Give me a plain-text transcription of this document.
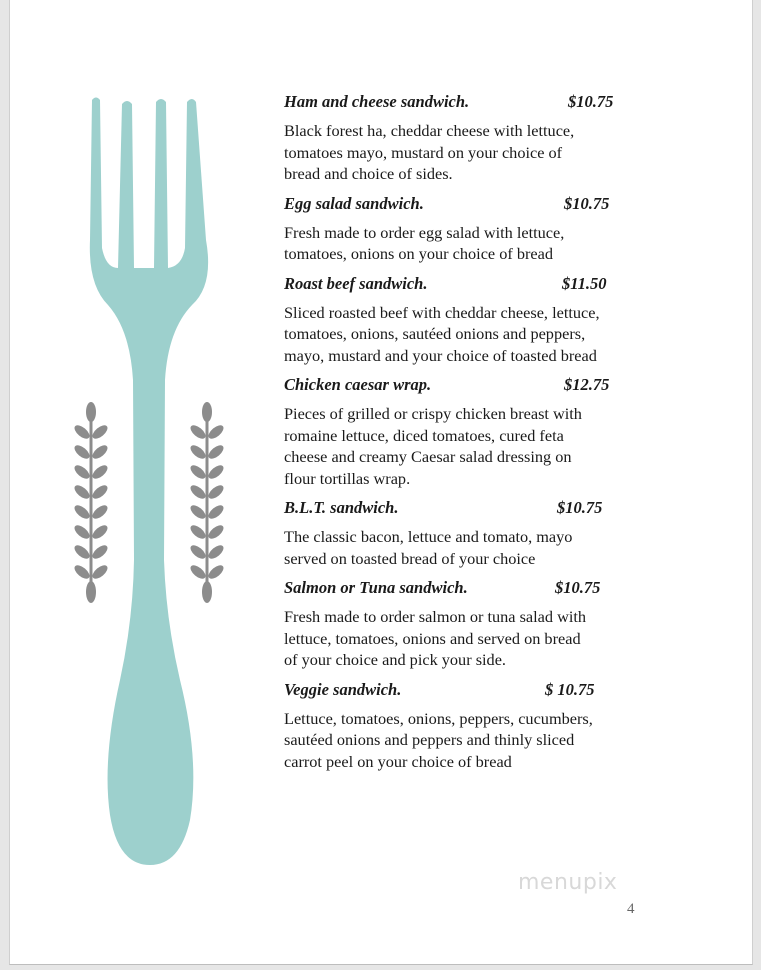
Ham and cheese sandwich.	$10.75
Black forest ha, cheddar cheese with lettuce,
tomatoes mayo, mustard on your choice of
bread and choice of sides.
Egg salad sandwich.	$10.75
Fresh made to order egg salad with lettuce,
tomatoes, onions on your choice of bread
Roast beef sandwich.	$11.50
Sliced roasted beef with cheddar cheese, lettuce,
tomatoes, onions, sautéed onions and peppers,
mayo, mustard and your choice of toasted bread
Chicken caesar wrap.	$12.75
Pieces of grilled or crispy chicken breast with
romaine lettuce, diced tomatoes, cured feta
cheese and creamy Caesar salad dressing on
flour tortillas wrap.
B.L.T. sandwich.	$10.75
The classic bacon, lettuce and tomato, mayo
served on toasted bread of your choice
Salmon or Tuna sandwich.	$10.75
Fresh made to order salmon or tuna salad with
lettuce, tomatoes, onions and served on bread
of your choice and pick your side.
Veggie sandwich.	$ 10.75
Lettuce, tomatoes, onions, peppers, cucumbers,
sautéed onions and peppers and thinly sliced
carrot peel on your choice of bread
menupix
4
